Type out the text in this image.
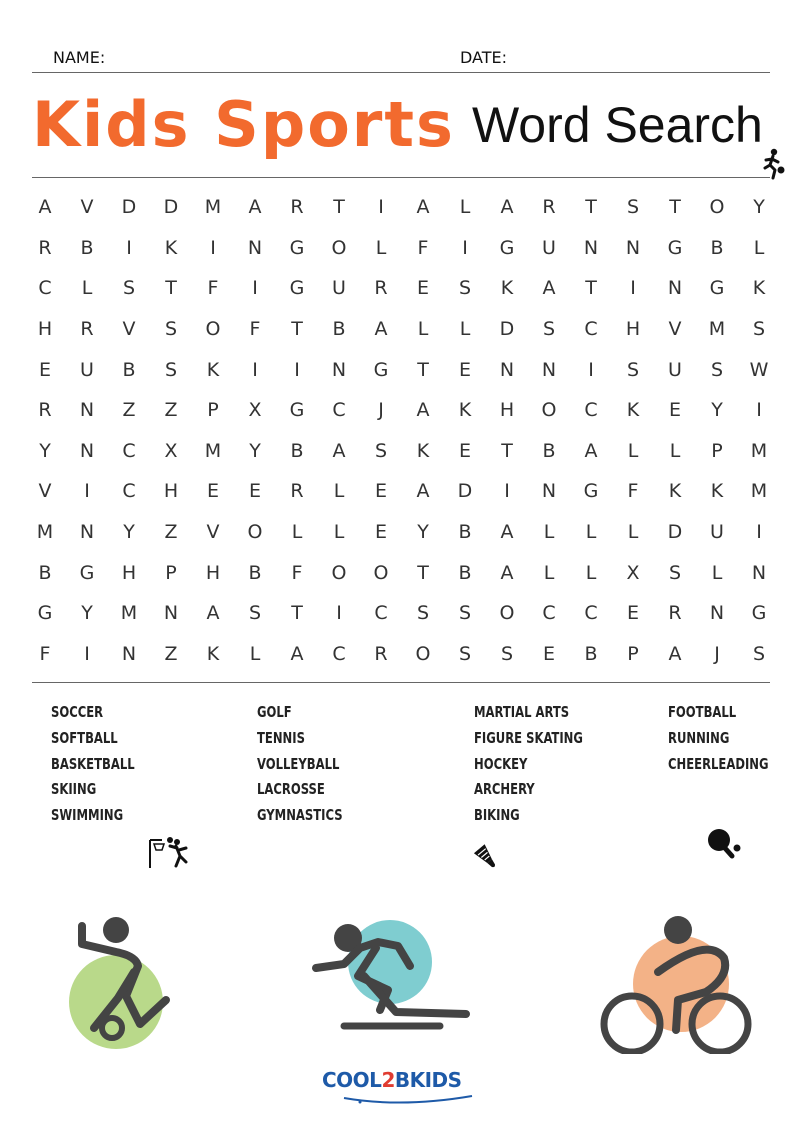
NAME:	DATE:
Kids Sports Word Search
A	V	D	D	M	A	R	T	I	A	L	A	R	T	S	T	O	Y
R	B	I	K	I	N	G	O	L	F	I	G	U	N	N	G	B	L
C	L	S	T	F	I	G	U	R	E	S	K	A	T	I	N	G	K
H	R	V	S	O	F	T	B	A	L	L	D	S	C	H	V	M	S
E	U	B	S	K	I	I	N	G	T	E	N	N	I	S	U	S	W
R	N	Z	Z	P	X	G	C	J	A	K	H	O	C	K	E	Y	I
Y	N	C	X	M	Y	B	A	S	K	E	T	B	A	L	L	P	M
V	I	C	H	E	E	R	L	E	A	D	I	N	G	F	K	K	M
M	N	Y	Z	V	O	L	L	E	Y	B	A	L	L	L	D	U	I
B	G	H	P	H	B	F	O	O	T	B	A	L	L	X	S	L	N
G	Y	M	N	A	S	T	I	C	S	S	O	C	C	E	R	N	G
F	I	N	Z	K	L	A	C	R	O	S	S	E	B	P	A	J	S
SOCCER
SOFTBALL
BASKETBALL
SKIING
SWIMMING
GOLF
TENNIS
VOLLEYBALL
LACROSSE
GYMNASTICS
MARTIAL ARTS
FIGURE SKATING
HOCKEY
ARCHERY
BIKING
FOOTBALL
RUNNING
CHEERLEADING
COOL2BKIDS
